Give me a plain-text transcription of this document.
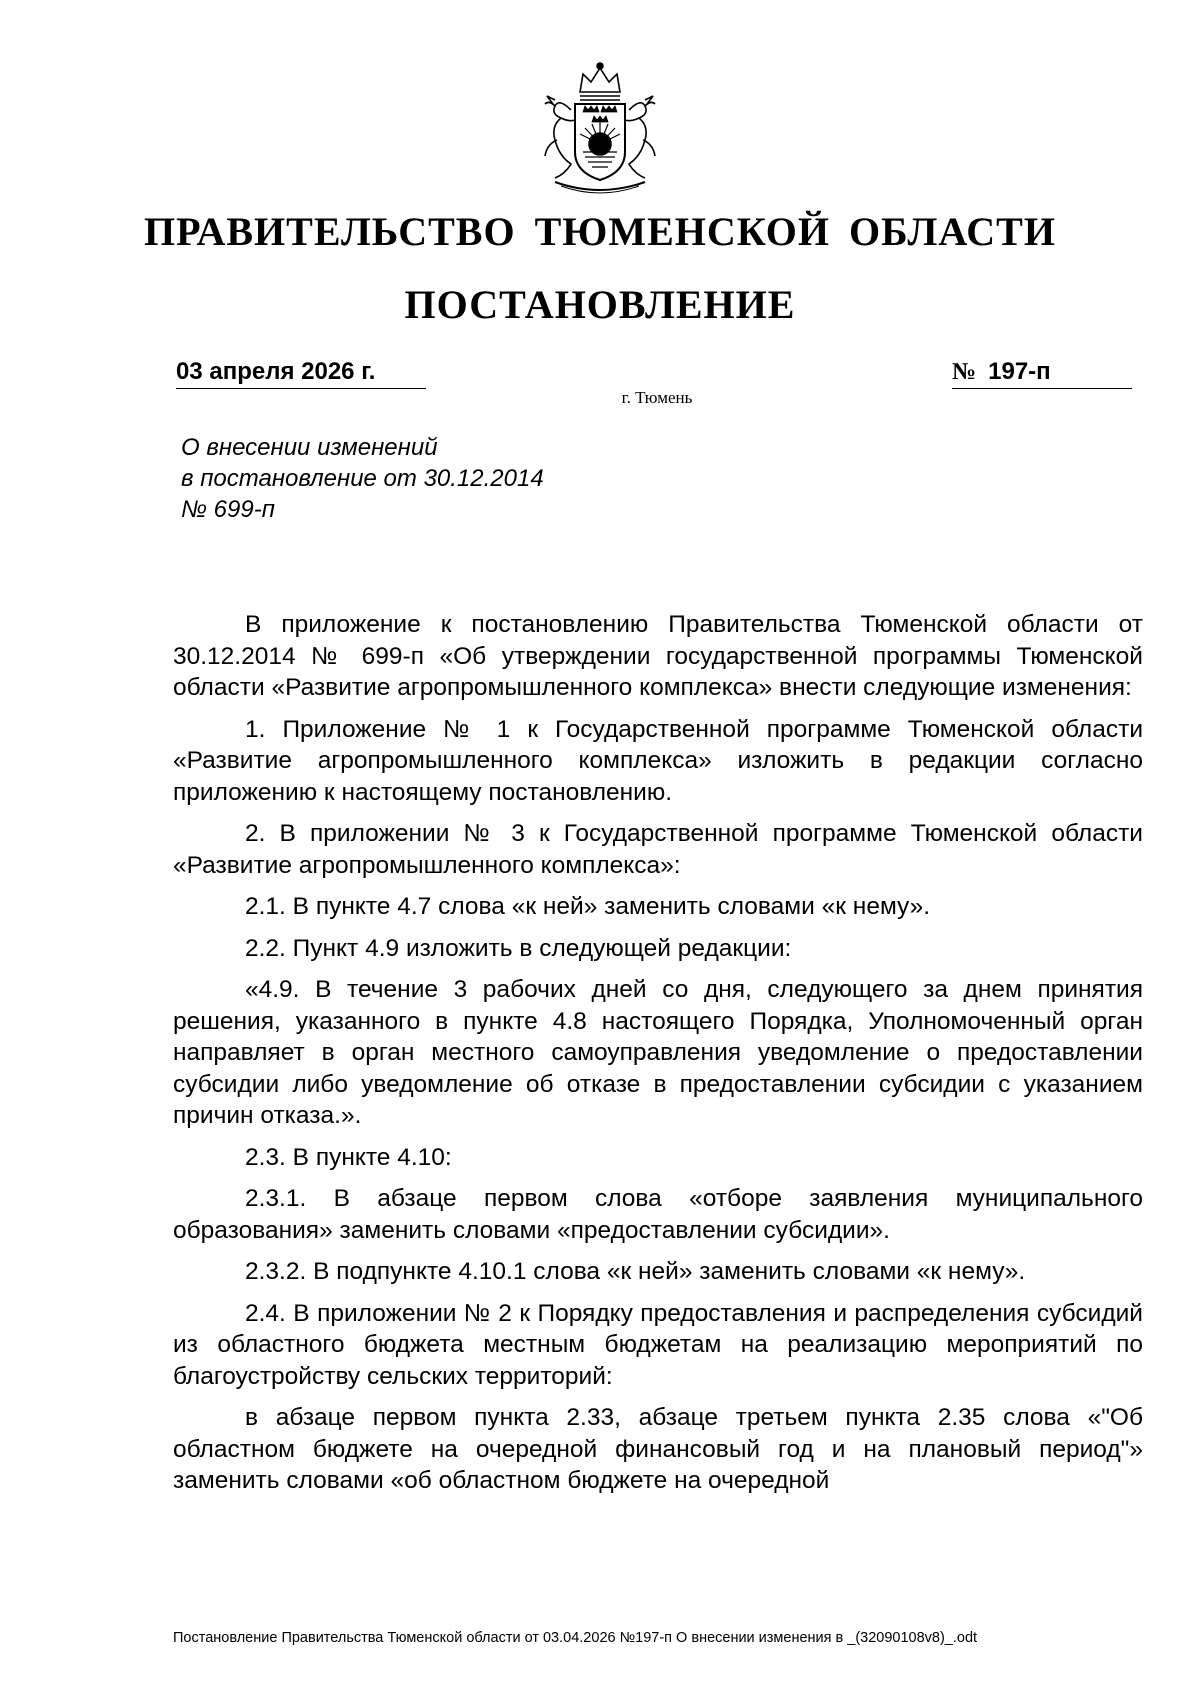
ПРАВИТЕЛЬСТВО ТЮМЕНСКОЙ ОБЛАСТИ
ПОСТАНОВЛЕНИЕ
03 апреля 2026 г.	№ 197-п
г. Тюмень
О внесении изменений
в постановление от 30.12.2014
№ 699-п

В приложение к постановлению Правительства Тюменской области от 30.12.2014 № 699-п «Об утверждении государственной программы Тюменской области «Развитие агропромышленного комплекса» внести следующие изменения:

1. Приложение № 1 к Государственной программе Тюменской области «Развитие агропромышленного комплекса» изложить в редакции согласно приложению к настоящему постановлению.

2. В приложении № 3 к Государственной программе Тюменской области «Развитие агропромышленного комплекса»:

2.1. В пункте 4.7 слова «к ней» заменить словами «к нему».

2.2. Пункт 4.9 изложить в следующей редакции:

«4.9. В течение 3 рабочих дней со дня, следующего за днем принятия решения, указанного в пункте 4.8 настоящего Порядка, Уполномоченный орган направляет в орган местного самоуправления уведомление о предоставлении субсидии либо уведомление об отказе в предоставлении субсидии с указанием причин отказа.».

2.3. В пункте 4.10:

2.3.1. В абзаце первом слова «отборе заявления муниципального образования» заменить словами «предоставлении субсидии».

2.3.2. В подпункте 4.10.1 слова «к ней» заменить словами «к нему».

2.4. В приложении № 2 к Порядку предоставления и распределения субсидий из областного бюджета местным бюджетам на реализацию мероприятий по благоустройству сельских территорий:

в абзаце первом пункта 2.33, абзаце третьем пункта 2.35 слова «"Об областном бюджете на очередной финансовый год и на плановый период"» заменить словами «об областном бюджете на очередной

Постановление Правительства Тюменской области от 03.04.2026 №197-п О внесении изменения в _(32090108v8)_.odt
